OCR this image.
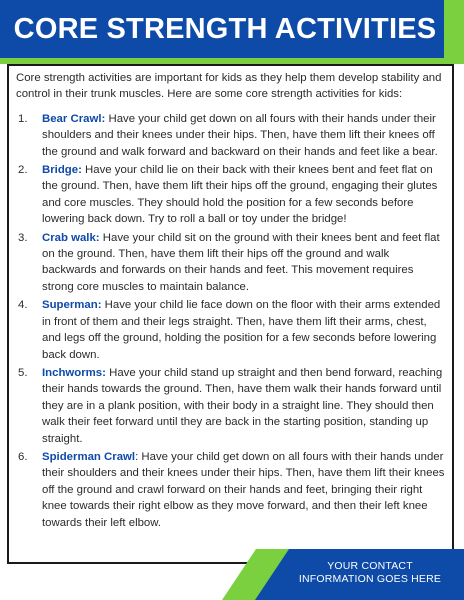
CORE STRENGTH ACTIVITIES

Core strength activities are important for kids as they help them develop stability and control in their trunk muscles. Here are some core strength activities for kids:

1.	Bear Crawl: Have your child get down on all fours with their hands under their shoulders and their knees under their hips. Then, have them lift their knees off the ground and walk forward and backward on their hands and feet like a bear.
2.	Bridge: Have your child lie on their back with their knees bent and feet flat on the ground. Then, have them lift their hips off the ground, engaging their glutes and core muscles. They should hold the position for a few seconds before lowering back down. Try to roll a ball or toy under the bridge!
3.	Crab walk: Have your child sit on the ground with their knees bent and feet flat on the ground. Then, have them lift their hips off the ground and walk backwards and forwards on their hands and feet. This movement requires strong core muscles to maintain balance.
4.	Superman: Have your child lie face down on the floor with their arms extended in front of them and their legs straight. Then, have them lift their arms, chest, and legs off the ground, holding the position for a few seconds before lowering back down.
5.	Inchworms: Have your child stand up straight and then bend forward, reaching their hands towards the ground. Then, have them walk their hands forward until they are in a plank position, with their body in a straight line. They should then walk their feet forward until they are back in the starting position, standing up straight.
6.	Spiderman Crawl: Have your child get down on all fours with their hands under their shoulders and their knees under their hips. Then, have them lift their knees off the ground and crawl forward on their hands and feet, bringing their right knee towards their right elbow as they move forward, and then their left knee towards their left elbow.
YOUR CONTACT
INFORMATION GOES HERE
